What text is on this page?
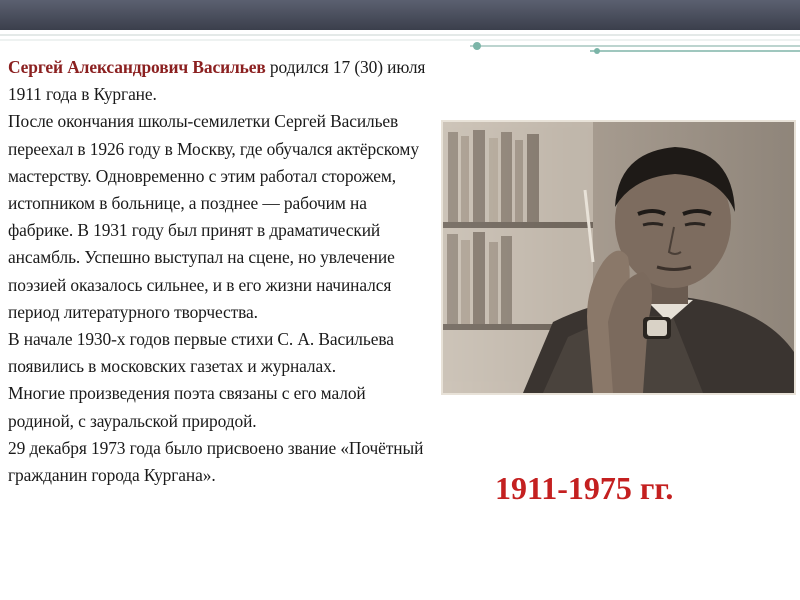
Сергей Александрович Васильев родился 17 (30) июля 1911 года в Кургане.

После окончания школы-семилетки Сергей Васильев переехал в 1926 году в Москву, где обучался актёрскому мастерству. Одновременно с этим работал сторожем, истопником в больнице, а позднее — рабочим на фабрике. В 1931 году был принят в драматический ансамбль. Успешно выступал на сцене, но увлечение поэзией оказалось сильнее, и в его жизни начинался период литературного творчества.

В начале 1930-х годов первые стихи С. А. Васильева появились в московских газетах и журналах.

Многие произведения поэта связаны с его малой родиной, с зауральской природой.

29 декабря 1973 года было присвоено звание «Почётный гражданин города Кургана».	1911-1975 гг.
